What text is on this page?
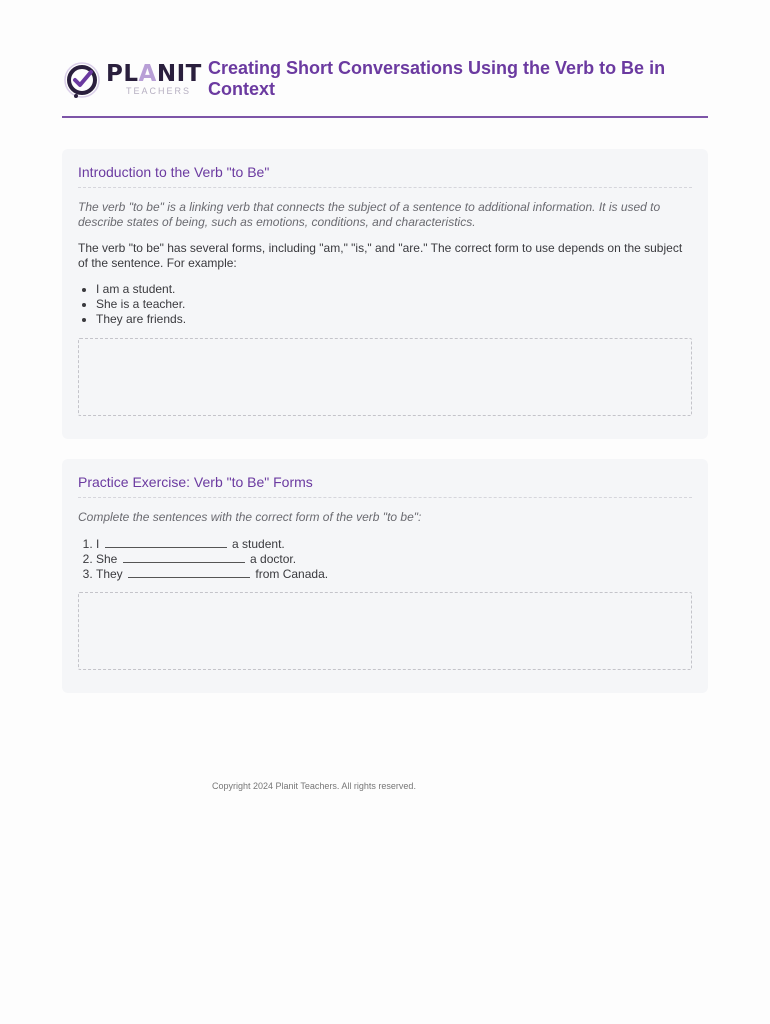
PLANIT
TEACHERS
Creating Short Conversations Using the Verb to Be in Context
Introduction to the Verb "to Be"
The verb "to be" is a linking verb that connects the subject of a sentence to additional information. It is used to describe states of being, such as emotions, conditions, and characteristics.
The verb "to be" has several forms, including "am," "is," and "are." The correct form to use depends on the subject of the sentence. For example:
• I am a student.
• She is a teacher.
• They are friends.
Practice Exercise: Verb "to Be" Forms
Complete the sentences with the correct form of the verb "to be":
1. I	a student.
2. She	a doctor.
3. They	from Canada.
Copyright 2024 Planit Teachers. All rights reserved.
